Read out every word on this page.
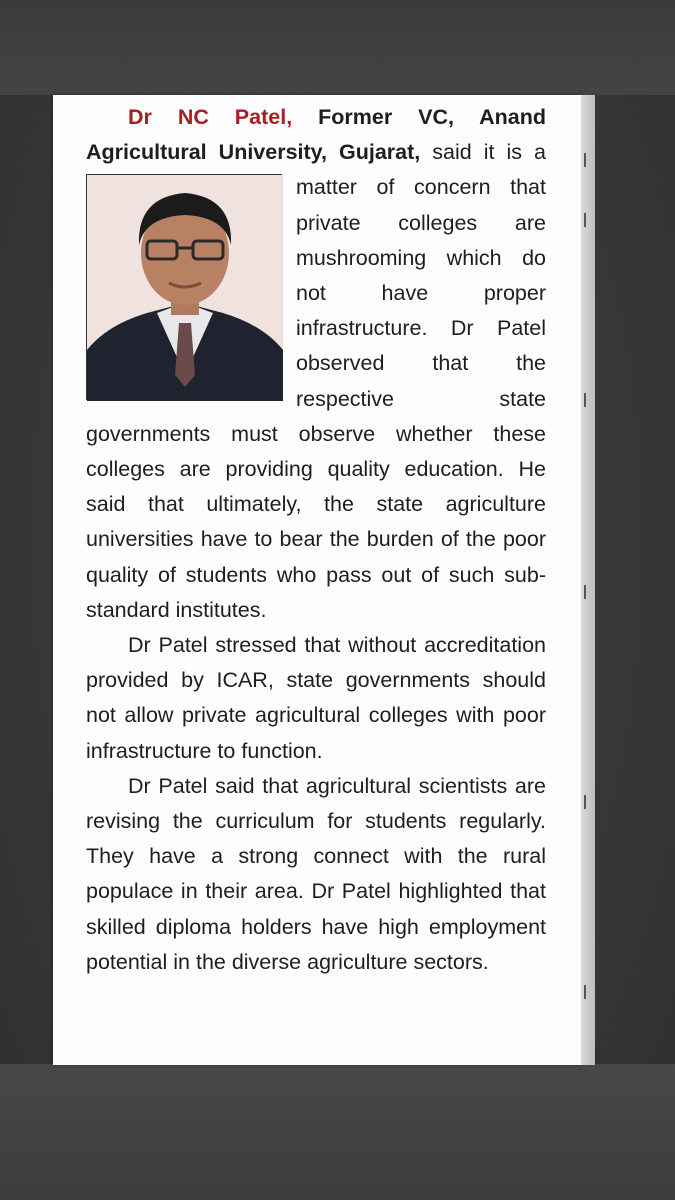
· · · · · · · · · · · · ·

Dr NC Patel, Former VC, Anand Agricultural University, Gujarat, said it is a matter of concern that private colleges are mushrooming which do not have proper infrastructure. Dr Patel observed that the respective state governments must observe whether these colleges are providing quality education. He said that ultimately, the state agriculture universities have to bear the burden of the poor quality of students who pass out of such sub-standard institutes.

Dr Patel stressed that without accreditation provided by ICAR, state governments should not allow private agricultural colleges with poor infrastructure to function.

Dr Patel said that agricultural scientists are revising the curriculum for students regularly. They have a strong connect with the rural populace in their area. Dr Patel highlighted that skilled diploma holders have high employment potential in the diverse agriculture sectors.
